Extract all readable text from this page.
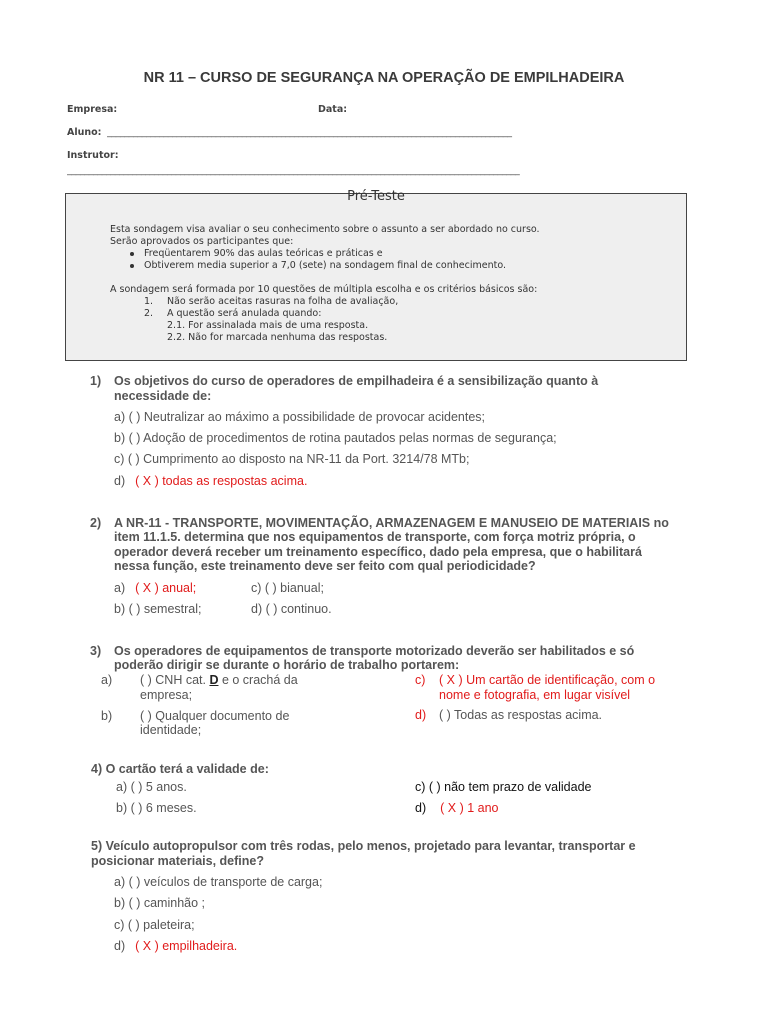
NR 11 – CURSO DE SEGURANÇA NA OPERAÇÃO DE EMPILHADEIRA
Empresa:	Data:
Aluno: _____________________________________________________________________________________________
Instrutor:
________________________________________________________________________________________________________
Pré-Teste
Esta sondagem visa avaliar o seu conhecimento sobre o assunto a ser abordado no curso.
Serão aprovados os participantes que:
Freqüentarem 90% das aulas teóricas e práticas e
Obtiverem media superior a 7,0 (sete) na sondagem final de conhecimento.
A sondagem será formada por 10 questões de múltipla escolha e os critérios básicos são:
1. Não serão aceitas rasuras na folha de avaliação,
2. A questão será anulada quando:
2.1. For assinalada mais de uma resposta.
2.2. Não for marcada nenhuma das respostas.
1) Os objetivos do curso de operadores de empilhadeira é a sensibilização quanto à
necessidade de:
a) ( ) Neutralizar ao máximo a possibilidade de provocar acidentes;
b) ( ) Adoção de procedimentos de rotina pautados pelas normas de segurança;
c) ( ) Cumprimento ao disposto na NR-11 da Port. 3214/78 MTb;
d) ( X ) todas as respostas acima.
2) A NR-11 - TRANSPORTE, MOVIMENTAÇÃO, ARMAZENAGEM E MANUSEIO DE MATERIAIS no
item 11.1.5. determina que nos equipamentos de transporte, com força motriz própria, o
operador deverá receber um treinamento específico, dado pela empresa, que o habilitará
nessa função, este treinamento deve ser feito com qual periodicidade?
a) ( X ) anual;	c) ( ) bianual;
b) ( ) semestral;	d) ( ) continuo.
3) Os operadores de equipamentos de transporte motorizado deverão ser habilitados e só
poderão dirigir se durante o horário de trabalho portarem:
a) ( ) CNH cat. D e o crachá da
empresa;
b) ( ) Qualquer documento de
identidade;
c) ( X ) Um cartão de identificação, com o
nome e fotografia, em lugar visível
d) ( ) Todas as respostas acima.
4) O cartão terá a validade de:
a) ( ) 5 anos.
b) ( ) 6 meses.
c) ( ) não tem prazo de validade
d) ( X ) 1 ano
5) Veículo autopropulsor com três rodas, pelo menos, projetado para levantar, transportar e
posicionar materiais, define?
a) ( ) veículos de transporte de carga;
b) ( ) caminhão ;
c) ( ) paleteira;
d) ( X ) empilhadeira.
